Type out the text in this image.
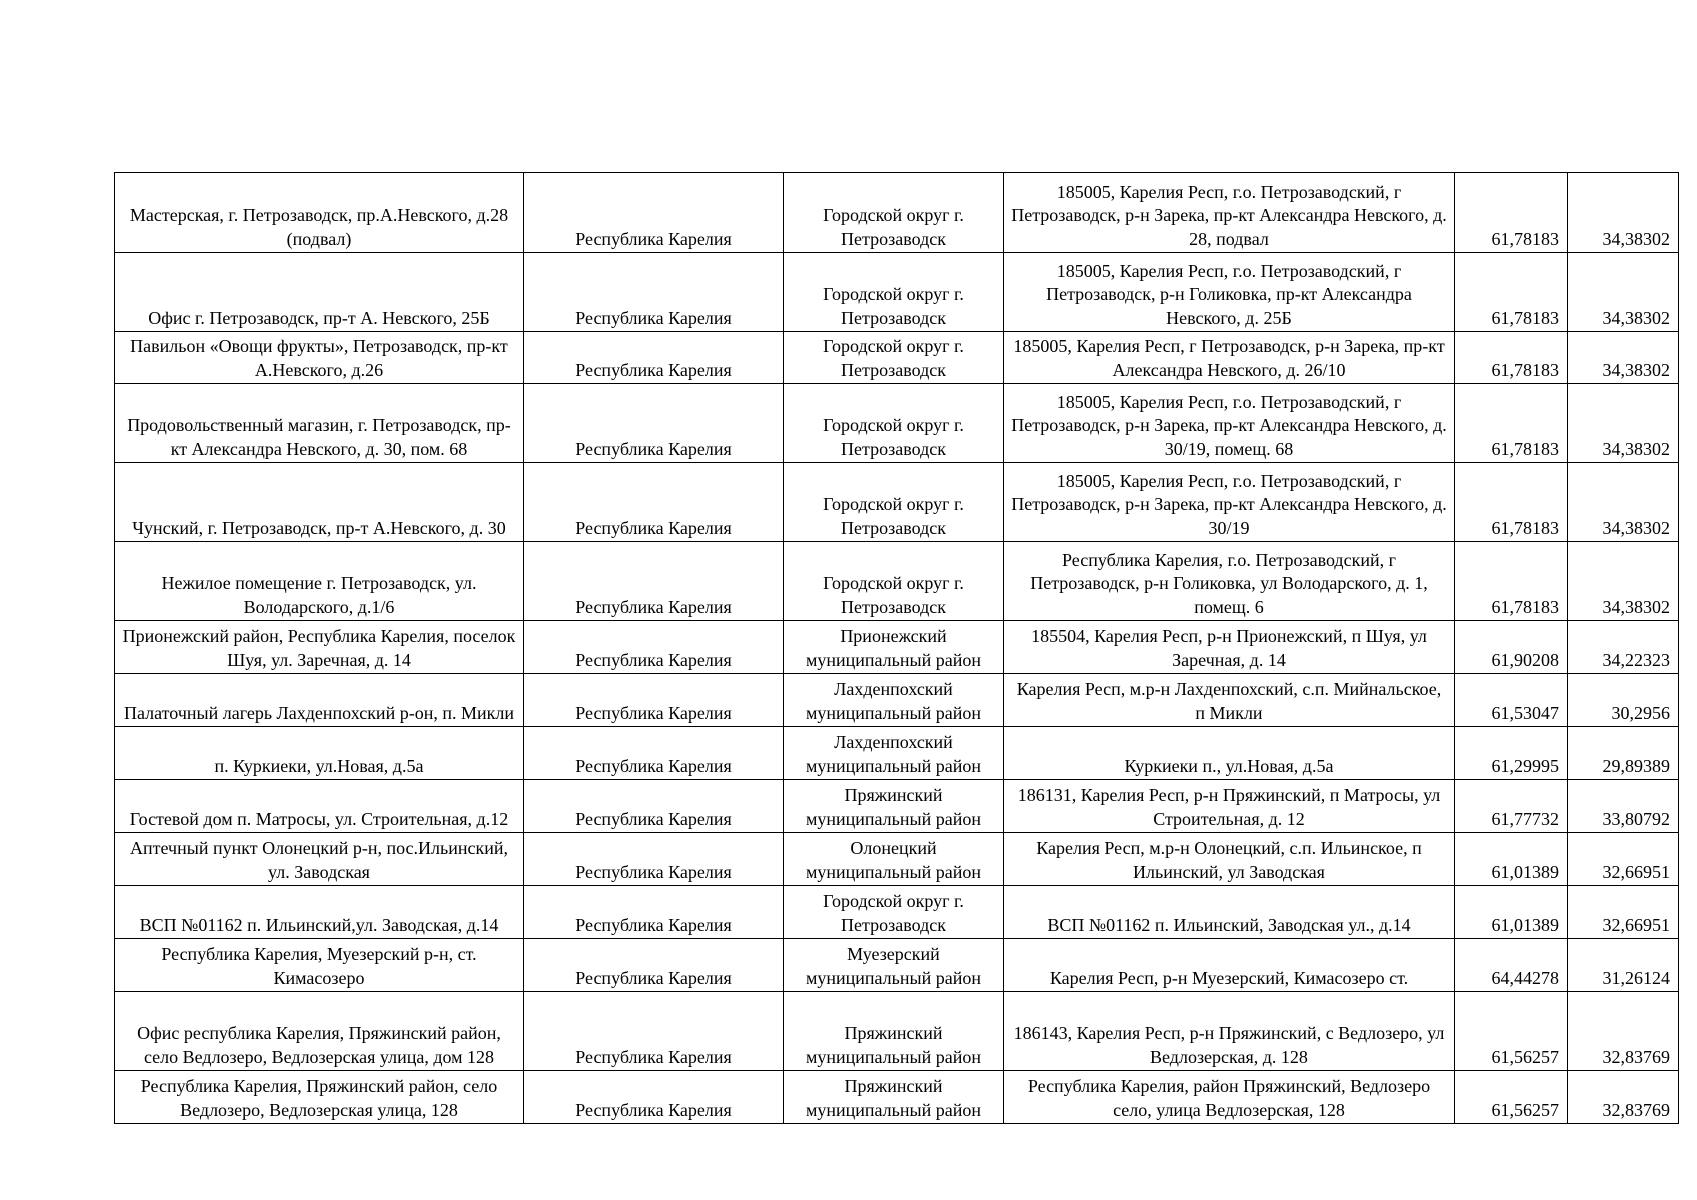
Мастерская, г. Петрозаводск, пр.А.Невского, д.28 (подвал)	Республика Карелия	Городской округ г. Петрозаводск	185005, Карелия Респ, г.о. Петрозаводский, г Петрозаводск, р-н Зарека, пр-кт Александра Невского, д. 28, подвал	61,78183	34,38302
Офис г. Петрозаводск, пр-т А. Невского, 25Б	Республика Карелия	Городской округ г. Петрозаводск	185005, Карелия Респ, г.о. Петрозаводский, г Петрозаводск, р-н Голиковка, пр-кт Александра Невского, д. 25Б	61,78183	34,38302
Павильон «Овощи фрукты», Петрозаводск, пр-кт А.Невского, д.26	Республика Карелия	Городской округ г. Петрозаводск	185005, Карелия Респ, г Петрозаводск, р-н Зарека, пр-кт Александра Невского, д. 26/10	61,78183	34,38302
Продовольственный магазин, г. Петрозаводск, пр-кт Александра Невского, д. 30, пом. 68	Республика Карелия	Городской округ г. Петрозаводск	185005, Карелия Респ, г.о. Петрозаводский, г Петрозаводск, р-н Зарека, пр-кт Александра Невского, д. 30/19, помещ. 68	61,78183	34,38302
Чунский, г. Петрозаводск, пр-т А.Невского, д. 30	Республика Карелия	Городской округ г. Петрозаводск	185005, Карелия Респ, г.о. Петрозаводский, г Петрозаводск, р-н Зарека, пр-кт Александра Невского, д. 30/19	61,78183	34,38302
Нежилое помещение г. Петрозаводск, ул. Володарского, д.1/6	Республика Карелия	Городской округ г. Петрозаводск	Республика Карелия, г.о. Петрозаводский, г Петрозаводск, р-н Голиковка, ул Володарского, д. 1, помещ. 6	61,78183	34,38302
Прионежский район, Республика Карелия, поселок Шуя, ул. Заречная, д. 14	Республика Карелия	Прионежский муниципальный район	185504, Карелия Респ, р-н Прионежский, п Шуя, ул Заречная, д. 14	61,90208	34,22323
Палаточный лагерь Лахденпохский р-он, п. Микли	Республика Карелия	Лахденпохский муниципальный район	Карелия Респ, м.р-н Лахденпохский, с.п. Мийнальское, п Микли	61,53047	30,2956
п. Куркиеки, ул.Новая, д.5а	Республика Карелия	Лахденпохский муниципальный район	Куркиеки п., ул.Новая, д.5а	61,29995	29,89389
Гостевой дом п. Матросы, ул. Строительная, д.12	Республика Карелия	Пряжинский муниципальный район	186131, Карелия Респ, р-н Пряжинский, п Матросы, ул Строительная, д. 12	61,77732	33,80792
Аптечный пункт Олонецкий р-н, пос.Ильинский, ул. Заводская	Республика Карелия	Олонецкий муниципальный район	Карелия Респ, м.р-н Олонецкий, с.п. Ильинское, п Ильинский, ул Заводская	61,01389	32,66951
ВСП №01162 п. Ильинский,ул. Заводская, д.14	Республика Карелия	Городской округ г. Петрозаводск	ВСП №01162 п. Ильинский, Заводская ул., д.14	61,01389	32,66951
Республика Карелия, Муезерский р-н, ст. Кимасозеро	Республика Карелия	Муезерский муниципальный район	Карелия Респ, р-н Муезерский, Кимасозеро ст.	64,44278	31,26124
Офис республика Карелия, Пряжинский район, село Ведлозеро, Ведлозерская улица, дом 128	Республика Карелия	Пряжинский муниципальный район	186143, Карелия Респ, р-н Пряжинский, с Ведлозеро, ул Ведлозерская, д. 128	61,56257	32,83769
Республика Карелия, Пряжинский район, село Ведлозеро, Ведлозерская улица, 128	Республика Карелия	Пряжинский муниципальный район	Республика Карелия, район Пряжинский, Ведлозеро село, улица Ведлозерская, 128	61,56257	32,83769
